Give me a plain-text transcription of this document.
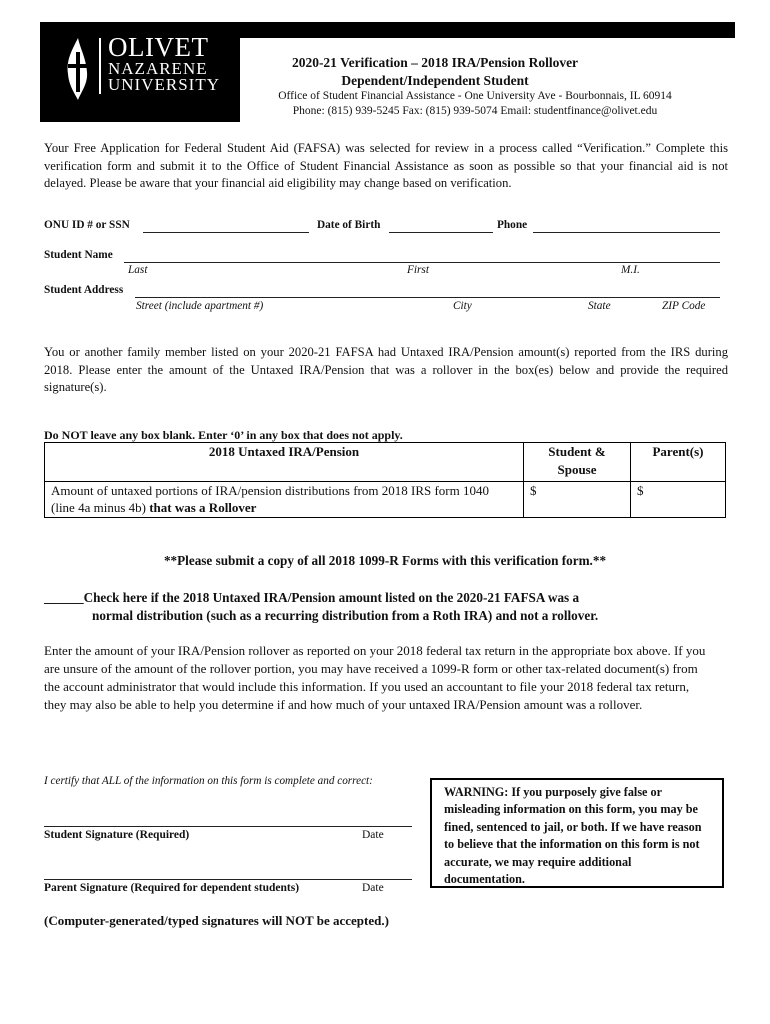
OLIVET
NAZARENE
UNIVERSITY
2020-21 Verification – 2018 IRA/Pension Rollover
Dependent/Independent Student
Office of Student Financial Assistance - One University Ave - Bourbonnais, IL 60914
Phone: (815) 939-5245 Fax: (815) 939-5074 Email: studentfinance@olivet.edu
Your Free Application for Federal Student Aid (FAFSA) was selected for review in a process called “Verification.” Complete this verification form and submit it to the Office of Student Financial Assistance as soon as possible so that your financial aid is not delayed. Please be aware that your financial aid eligibility may change based on verification.
ONU ID # or SSN	Date of Birth	Phone
Student Name
Last	First	M.I.
Student Address
Street (include apartment #)	City	State	ZIP Code
You or another family member listed on your 2020-21 FAFSA had Untaxed IRA/Pension amount(s) reported from the IRS during 2018. Please enter the amount of the Untaxed IRA/Pension that was a rollover in the box(es) below and provide the required signature(s).
Do NOT leave any box blank. Enter ‘0’ in any box that does not apply.
2018 Untaxed IRA/Pension	Student & Spouse	Parent(s)
Amount of untaxed portions of IRA/pension distributions from 2018 IRS form 1040 (line 4a minus 4b) that was a Rollover	$	$
**Please submit a copy of all 2018 1099-R Forms with this verification form.**
______Check here if the 2018 Untaxed IRA/Pension amount listed on the 2020-21 FAFSA was a
normal distribution (such as a recurring distribution from a Roth IRA) and not a rollover.
Enter the amount of your IRA/Pension rollover as reported on your 2018 federal tax return in the appropriate box above. If you are unsure of the amount of the rollover portion, you may have received a 1099-R form or other tax-related document(s) from the account administrator that would include this information. If you used an accountant to file your 2018 federal tax return, they may also be able to help you determine if and how much of your untaxed IRA/Pension amount was a rollover.
I certify that ALL of the information on this form is complete and correct:
Student Signature (Required)	Date
Parent Signature (Required for dependent students)	Date
WARNING: If you purposely give false or misleading information on this form, you may be fined, sentenced to jail, or both. If we have reason to believe that the information on this form is not accurate, we may require additional documentation.
(Computer-generated/typed signatures will NOT be accepted.)
